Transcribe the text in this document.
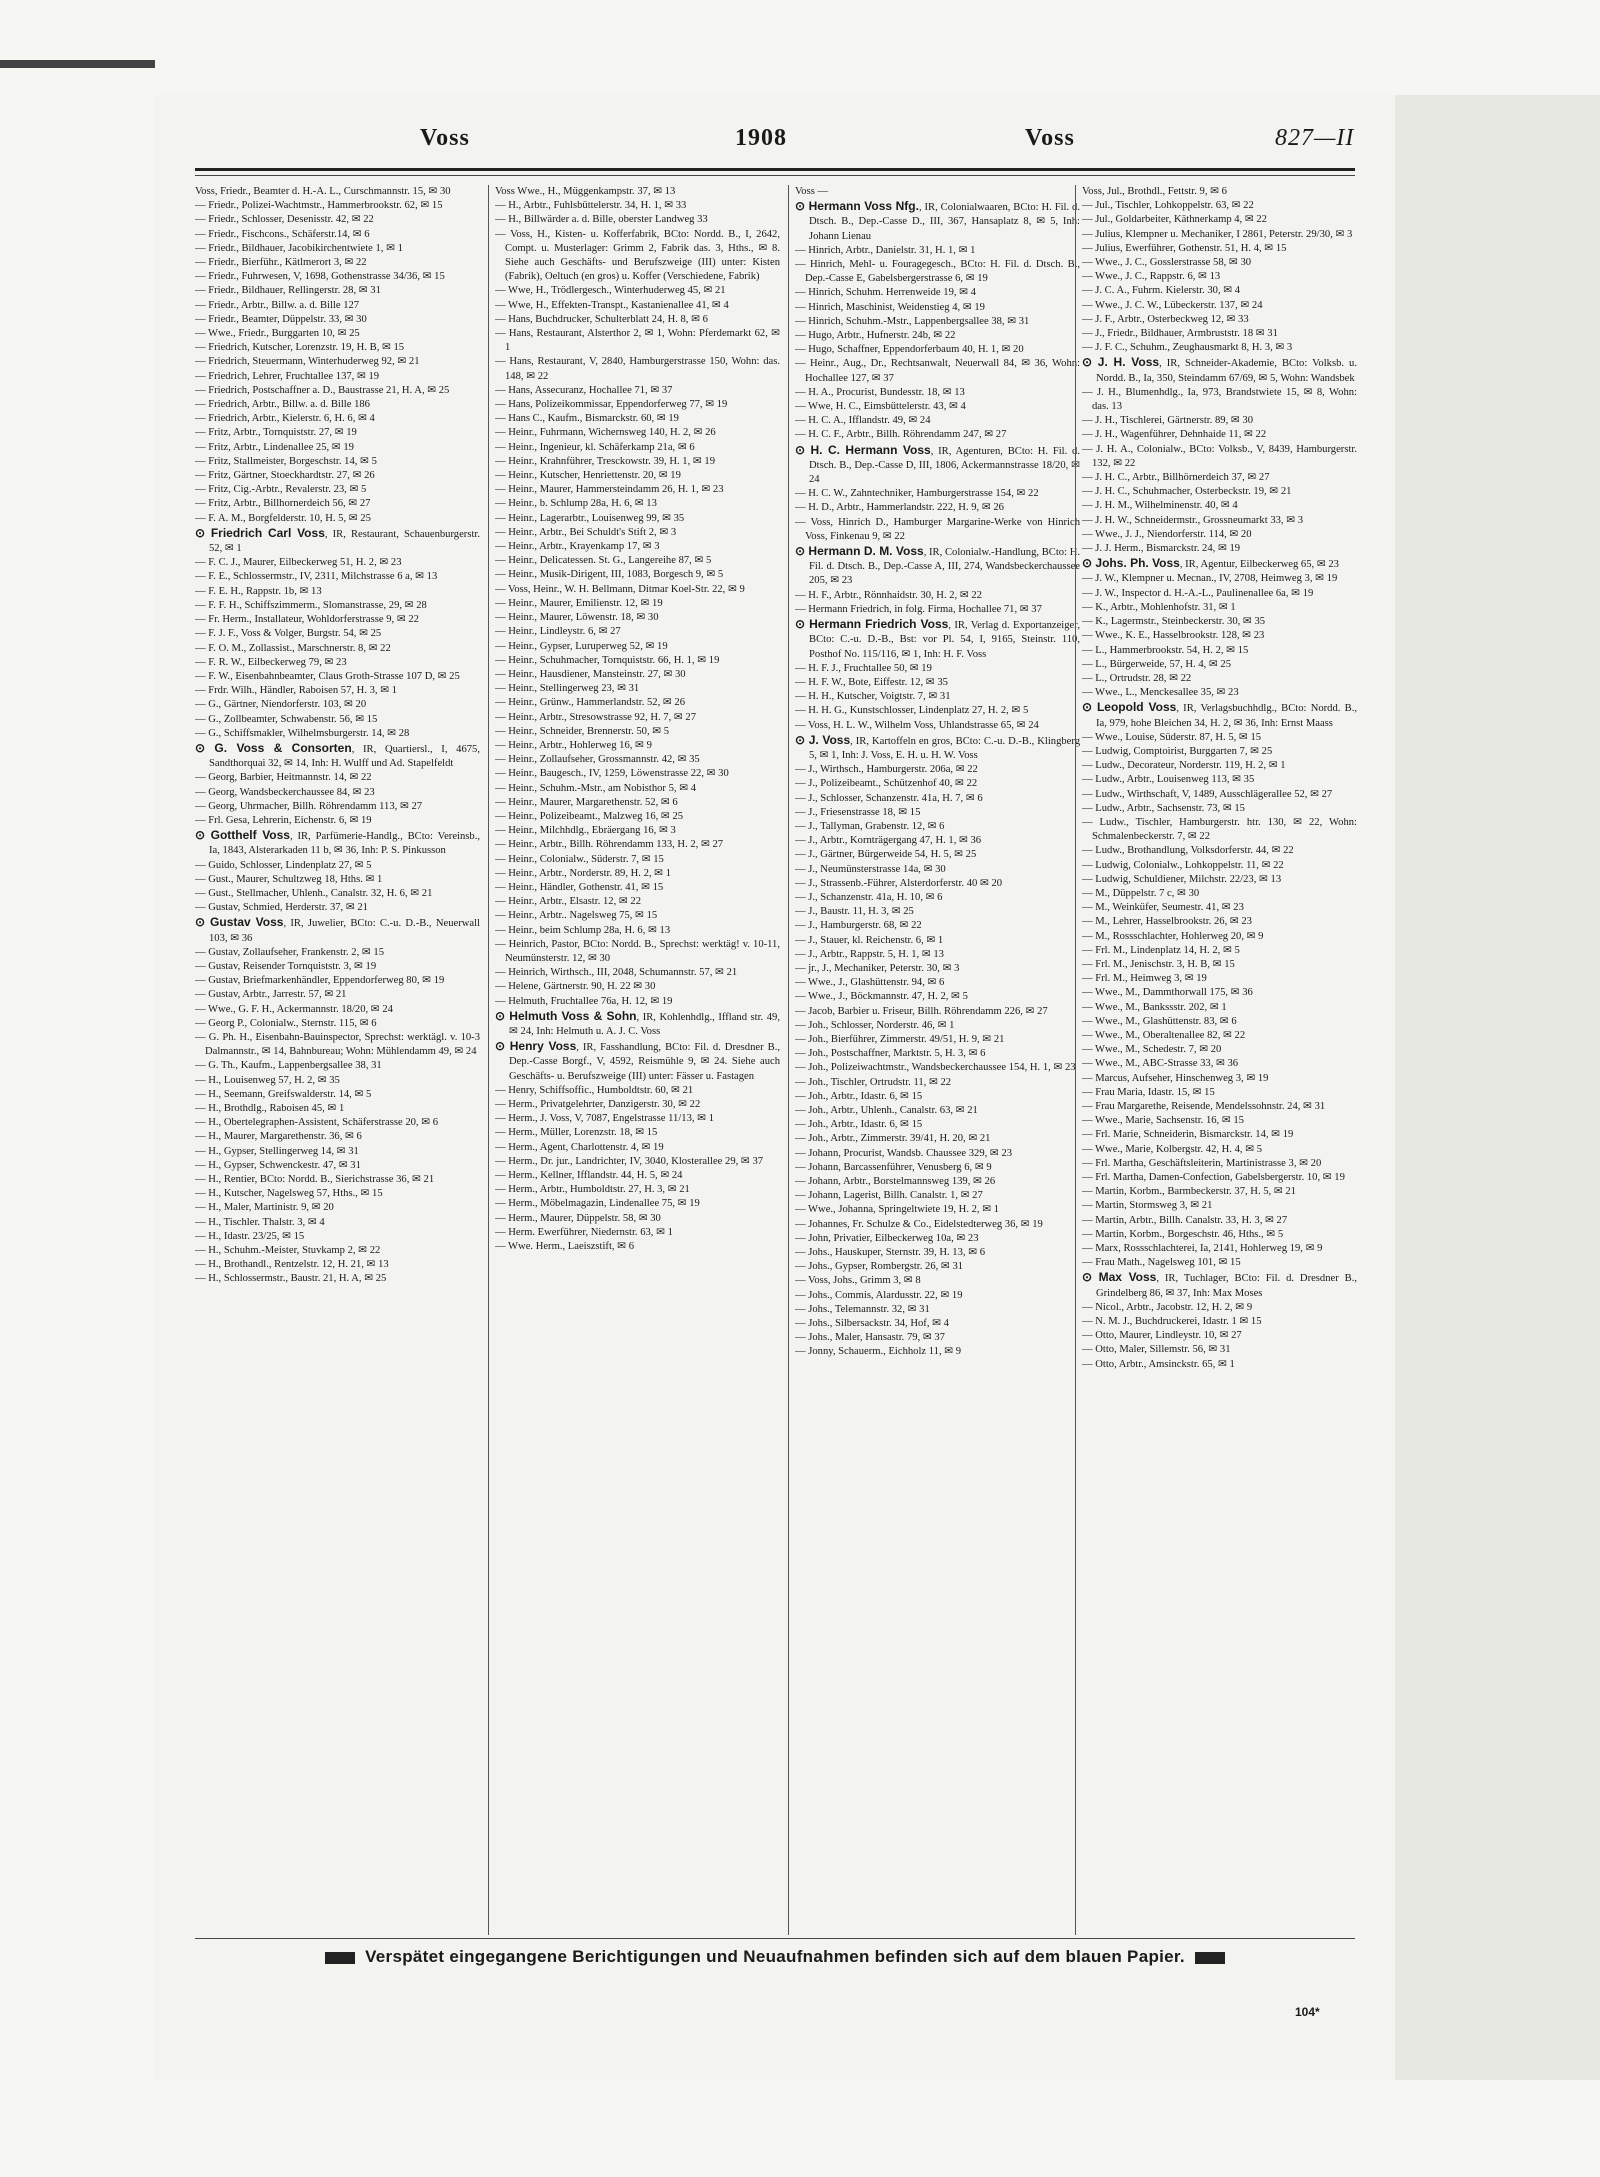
Voss	1908	Voss	827—II

Voss, Friedr., Beamter d. H.-A. L., Curschmannstr. 15, ✉ 30

— Friedr., Polizei-Wachtmstr., Hammerbrookstr. 62, ✉ 15

— Friedr., Schlosser, Desenisstr. 42, ✉ 22

— Friedr., Fischcons., Schäferstr.14, ✉ 6

— Friedr., Bildhauer, Jacobikirchentwiete 1, ✉ 1

— Friedr., Bierführ., Kätlmerort 3, ✉ 22

— Friedr., Fuhrwesen, V, 1698, Gothenstrasse 34/36, ✉ 15

— Friedr., Bildhauer, Rellingerstr. 28, ✉ 31

— Friedr., Arbtr., Billw. a. d. Bille 127

— Friedr., Beamter, Düppelstr. 33, ✉ 30

— Wwe., Friedr., Burggarten 10, ✉ 25

— Friedrich, Kutscher, Lorenzstr. 19, H. B, ✉ 15

— Friedrich, Steuermann, Winterhuderweg 92, ✉ 21

— Friedrich, Lehrer, Fruchtallee 137, ✉ 19

— Friedrich, Postschaffner a. D., Baustrasse 21, H. A, ✉ 25

— Friedrich, Arbtr., Billw. a. d. Bille 186

— Friedrich, Arbtr., Kielerstr. 6, H. 6, ✉ 4

— Fritz, Arbtr., Tornquiststr. 27, ✉ 19

— Fritz, Arbtr., Lindenallee 25, ✉ 19

— Fritz, Stallmeister, Borgeschstr. 14, ✉ 5

— Fritz, Gärtner, Stoeckhardtstr. 27, ✉ 26

— Fritz, Cig.-Arbtr., Revalerstr. 23, ✉ 5

— Fritz, Arbtr., Billhornerdeich 56, ✉ 27

— F. A. M., Borgfelderstr. 10, H. 5, ✉ 25

⊙ Friedrich Carl Voss, IR, Restaurant, Schauenburgerstr. 52, ✉ 1

— F. C. J., Maurer, Eilbeckerweg 51, H. 2, ✉ 23

— F. E., Schlossermstr., IV, 2311, Milchstrasse 6 a, ✉ 13

— F. E. H., Rappstr. 1b, ✉ 13

— F. F. H., Schiffszimmerm., Slomanstrasse, 29, ✉ 28

— Fr. Herm., Installateur, Wohldorferstrasse 9, ✉ 22

— F. J. F., Voss & Volger, Burgstr. 54, ✉ 25

— F. O. M., Zollassist., Marschnerstr. 8, ✉ 22

— F. R. W., Eilbeckerweg 79, ✉ 23

— F. W., Eisenbahnbeamter, Claus Groth-Strasse 107 D, ✉ 25

— Frdr. Wilh., Händler, Raboisen 57, H. 3, ✉ 1

— G., Gärtner, Niendorferstr. 103, ✉ 20

— G., Zollbeamter, Schwabenstr. 56, ✉ 15

— G., Schiffsmakler, Wilhelmsburgerstr. 14, ✉ 28

⊙ G. Voss & Consorten, IR, Quartiersl., I, 4675, Sandthorquai 32, ✉ 14, Inh: H. Wulff und Ad. Stapelfeldt

— Georg, Barbier, Heitmannstr. 14, ✉ 22

— Georg, Wandsbeckerchaussee 84, ✉ 23

— Georg, Uhrmacher, Billh. Röhrendamm 113, ✉ 27

— Frl. Gesa, Lehrerin, Eichenstr. 6, ✉ 19

⊙ Gotthelf Voss, IR, Parfümerie-Handlg., BCto: Vereinsb., Ia, 1843, Alsterarkaden 11 b, ✉ 36, Inh: P. S. Pinkusson

— Guido, Schlosser, Lindenplatz 27, ✉ 5

— Gust., Maurer, Schultzweg 18, Hths. ✉ 1

— Gust., Stellmacher, Uhlenh., Canalstr. 32, H. 6, ✉ 21

— Gustav, Schmied, Herderstr. 37, ✉ 21

⊙ Gustav Voss, IR, Juwelier, BCto: C.-u. D.-B., Neuerwall 103, ✉ 36

— Gustav, Zollaufseher, Frankenstr. 2, ✉ 15

— Gustav, Reisender Tornquiststr. 3, ✉ 19

— Gustav, Briefmarkenhändler, Eppendorferweg 80, ✉ 19

— Gustav, Arbtr., Jarrestr. 57, ✉ 21

— Wwe., G. F. H., Ackermannstr. 18/20, ✉ 24

— Georg P., Colonialw., Sternstr. 115, ✉ 6

— G. Ph. H., Eisenbahn-Bauinspector, Sprechst: werktägl. v. 10-3 Dalmannstr., ✉ 14, Bahnbureau; Wohn: Mühlendamm 49, ✉ 24

— G. Th., Kaufm., Lappenbergsallee 38, 31

— H., Louisenweg 57, H. 2, ✉ 35

— H., Seemann, Greifswalderstr. 14, ✉ 5

— H., Brothdlg., Raboisen 45, ✉ 1

— H., Obertelegraphen-Assistent, Schäferstrasse 20, ✉ 6

— H., Maurer, Margarethenstr. 36, ✉ 6

— H., Gypser, Stellingerweg 14, ✉ 31

— H., Gypser, Schwenckestr. 47, ✉ 31

— H., Rentier, BCto: Nordd. B., Sierichstrasse 36, ✉ 21

— H., Kutscher, Nagelsweg 57, Hths., ✉ 15

— H., Maler, Martinistr. 9, ✉ 20

— H., Tischler. Thalstr. 3, ✉ 4

— H., Idastr. 23/25, ✉ 15

— H., Schuhm.-Meister, Stuvkamp 2, ✉ 22

— H., Brothandl., Rentzelstr. 12, H. 21, ✉ 13

— H., Schlossermstr., Baustr. 21, H. A, ✉ 25

Voss Wwe., H., Müggenkampstr. 37, ✉ 13

— H., Arbtr., Fuhlsbüttelerstr. 34, H. 1, ✉ 33

— H., Billwärder a. d. Bille, oberster Landweg 33

— Voss, H., Kisten- u. Kofferfabrik, BCto: Nordd. B., I, 2642, Compt. u. Musterlager: Grimm 2, Fabrik das. 3, Hths., ✉ 8. Siehe auch Geschäfts- und Berufszweige (III) unter: Kisten (Fabrik), Oeltuch (en gros) u. Koffer (Verschiedene, Fabrik)

— Wwe, H., Trödlergesch., Winterhuderweg 45, ✉ 21

— Wwe, H., Effekten-Transpt., Kastanienallee 41, ✉ 4

— Hans, Buchdrucker, Schulterblatt 24, H. 8, ✉ 6

— Hans, Restaurant, Alsterthor 2, ✉ 1, Wohn: Pferdemarkt 62, ✉ 1

— Hans, Restaurant, V, 2840, Hamburgerstrasse 150, Wohn: das. 148, ✉ 22

— Hans, Assecuranz, Hochallee 71, ✉ 37

— Hans, Polizeikommissar, Eppendorferweg 77, ✉ 19

— Hans C., Kaufm., Bismarckstr. 60, ✉ 19

— Heinr., Fuhrmann, Wichernsweg 140, H. 2, ✉ 26

— Heinr., Ingenieur, kl. Schäferkamp 21a, ✉ 6

— Heinr., Krahnführer, Tresckowstr. 39, H. 1, ✉ 19

— Heinr., Kutscher, Henriettenstr. 20, ✉ 19

— Heinr., Maurer, Hammersteindamm 26, H. 1, ✉ 23

— Heinr., b. Schlump 28a, H. 6, ✉ 13

— Heinr., Lagerarbtr., Louisenweg 99, ✉ 35

— Heinr., Arbtr., Bei Schuldt's Stift 2, ✉ 3

— Heinr., Arbtr., Krayenkamp 17, ✉ 3

— Heinr., Delicatessen. St. G., Langereihe 87, ✉ 5

— Heinr., Musik-Dirigent, III, 1083, Borgesch 9, ✉ 5

— Voss, Heinr., W. H. Bellmann, Ditmar Koel-Str. 22, ✉ 9

— Heinr., Maurer, Emilienstr. 12, ✉ 19

— Heinr., Maurer, Löwenstr. 18, ✉ 30

— Heinr., Lindleystr. 6, ✉ 27

— Heinr., Gypser, Luruperweg 52, ✉ 19

— Heinr., Schuhmacher, Tornquiststr. 66, H. 1, ✉ 19

— Heinr., Hausdiener, Mansteinstr. 27, ✉ 30

— Heinr., Stellingerweg 23, ✉ 31

— Heinr., Grünw., Hammerlandstr. 52, ✉ 26

— Heinr., Arbtr., Stresowstrasse 92, H. 7, ✉ 27

— Heinr., Schneider, Brennerstr. 50, ✉ 5

— Heinr., Arbtr., Hohlerweg 16, ✉ 9

— Heinr., Zollaufseher, Grossmannstr. 42, ✉ 35

— Heinr., Baugesch., IV, 1259, Löwenstrasse 22, ✉ 30

— Heinr., Schuhm.-Mstr., am Nobisthor 5, ✉ 4

— Heinr., Maurer, Margarethenstr. 52, ✉ 6

— Heinr., Polizeibeamt., Malzweg 16, ✉ 25

— Heinr., Milchhdlg., Ebräergang 16, ✉ 3

— Heinr., Arbtr., Billh. Röhrendamm 133, H. 2, ✉ 27

— Heinr., Colonialw., Süderstr. 7, ✉ 15

— Heinr., Arbtr., Norderstr. 89, H. 2, ✉ 1

— Heinr., Händler, Gothenstr. 41, ✉ 15

— Heinr., Arbtr., Elsastr. 12, ✉ 22

— Heinr., Arbtr.. Nagelsweg 75, ✉ 15

— Heinr., beim Schlump 28a, H. 6, ✉ 13

— Heinrich, Pastor, BCto: Nordd. B., Sprechst: werktäg! v. 10-11, Neumünsterstr. 12, ✉ 30

— Heinrich, Wirthsch., III, 2048, Schumannstr. 57, ✉ 21

— Helene, Gärtnerstr. 90, H. 22 ✉ 30

— Helmuth, Fruchtallee 76a, H. 12, ✉ 19

⊙ Helmuth Voss & Sohn, IR, Kohlenhdlg., Iffland str. 49, ✉ 24, Inh: Helmuth u. A. J. C. Voss

⊙ Henry Voss, IR, Fasshandlung, BCto: Fil. d. Dresdner B., Dep.-Casse Borgf., V, 4592, Reismühle 9, ✉ 24. Siehe auch Geschäfts- u. Berufszweige (III) unter: Fässer u. Fastagen

— Henry, Schiffsoffic., Humboldtstr. 60, ✉ 21

— Herm., Privatgelehrter, Danzigerstr. 30, ✉ 22

— Herm., J. Voss, V, 7087, Engelstrasse 11/13, ✉ 1

— Herm., Müller, Lorenzstr. 18, ✉ 15

— Herm., Agent, Charlottenstr. 4, ✉ 19

— Herm., Dr. jur., Landrichter, IV, 3040, Klosterallee 29, ✉ 37

— Herm., Kellner, Ifflandstr. 44, H. 5, ✉ 24

— Herm., Arbtr., Humboldtstr. 27, H. 3, ✉ 21

— Herm., Möbelmagazin, Lindenallee 75, ✉ 19

— Herm., Maurer, Düppelstr. 58, ✉ 30

— Herm. Ewerführer, Niedernstr. 63, ✉ 1

— Wwe. Herm., Laeiszstift, ✉ 6

Voss —

⊙ Hermann Voss Nfg., IR, Colonialwaaren, BCto: H. Fil. d. Dtsch. B., Dep.-Casse D., III, 367, Hansaplatz 8, ✉ 5, Inh: Johann Lienau

— Hinrich, Arbtr., Danielstr. 31, H. 1, ✉ 1

— Hinrich, Mehl- u. Fouragegesch., BCto: H. Fil. d. Dtsch. B., Dep.-Casse E, Gabelsbergerstrasse 6, ✉ 19

— Hinrich, Schuhm. Herrenweide 19, ✉ 4

— Hinrich, Maschinist, Weidenstieg 4, ✉ 19

— Hinrich, Schuhm.-Mstr., Lappenbergsallee 38, ✉ 31

— Hugo, Arbtr., Hufnerstr. 24b, ✉ 22

— Hugo, Schaffner, Eppendorferbaum 40, H. 1, ✉ 20

— Heinr., Aug., Dr., Rechtsanwalt, Neuerwall 84, ✉ 36, Wohn: Hochallee 127, ✉ 37

— H. A., Procurist, Bundesstr. 18, ✉ 13

— Wwe, H. C., Eimsbüttelerstr. 43, ✉ 4

— H. C. A., Ifflandstr. 49, ✉ 24

— H. C. F., Arbtr., Billh. Röhrendamm 247, ✉ 27

⊙ H. C. Hermann Voss, IR, Agenturen, BCto: H. Fil. d. Dtsch. B., Dep.-Casse D, III, 1806, Ackermannstrasse 18/20, ✉ 24

— H. C. W., Zahntechniker, Hamburgerstrasse 154, ✉ 22

— H. D., Arbtr., Hammerlandstr. 222, H. 9, ✉ 26

— Voss, Hinrich D., Hamburger Margarine-Werke von Hinrich Voss, Finkenau 9, ✉ 22

⊙ Hermann D. M. Voss, IR, Colonialw.-Handlung, BCto: H. Fil. d. Dtsch. B., Dep.-Casse A, III, 274, Wandsbeckerchaussee 205, ✉ 23

— H. F., Arbtr., Rönnhaidstr. 30, H. 2, ✉ 22

— Hermann Friedrich, in folg. Firma, Hochallee 71, ✉ 37

⊙ Hermann Friedrich Voss, IR, Verlag d. Exportanzeiger, BCto: C.-u. D.-B., Bst: vor Pl. 54, I, 9165, Steinstr. 110, Posthof No. 115/116, ✉ 1, Inh: H. F. Voss

— H. F. J., Fruchtallee 50, ✉ 19

— H. F. W., Bote, Eiffestr. 12, ✉ 35

— H. H., Kutscher, Voigtstr. 7, ✉ 31

— H. H. G., Kunstschlosser, Lindenplatz 27, H. 2, ✉ 5

— Voss, H. L. W., Wilhelm Voss, Uhlandstrasse 65, ✉ 24

⊙ J. Voss, IR, Kartoffeln en gros, BCto: C.-u. D.-B., Klingberg 5, ✉ 1, Inh: J. Voss, E. H. u. H. W. Voss

— J., Wirthsch., Hamburgerstr. 206a, ✉ 22

— J., Polizeibeamt., Schützenhof 40, ✉ 22

— J., Schlosser, Schanzenstr. 41a, H. 7, ✉ 6

— J., Friesenstrasse 18, ✉ 15

— J., Tallyman, Grabenstr. 12, ✉ 6

— J., Arbtr., Kornträgergang 47, H. 1, ✉ 36

— J., Gärtner, Bürgerweide 54, H. 5, ✉ 25

— J., Neumünsterstrasse 14a, ✉ 30

— J., Strassenb.-Führer, Alsterdorferstr. 40 ✉ 20

— J., Schanzenstr. 41a, H. 10, ✉ 6

— J., Baustr. 11, H. 3, ✉ 25

— J., Hamburgerstr. 68, ✉ 22

— J., Stauer, kl. Reichenstr. 6, ✉ 1

— J., Arbtr., Rappstr. 5, H. 1, ✉ 13

— jr., J., Mechaniker, Peterstr. 30, ✉ 3

— Wwe., J., Glashüttenstr. 94, ✉ 6

— Wwe., J., Böckmannstr. 47, H. 2, ✉ 5

— Jacob, Barbier u. Friseur, Billh. Röhrendamm 226, ✉ 27

— Joh., Schlosser, Norderstr. 46, ✉ 1

— Joh., Bierführer, Zimmerstr. 49/51, H. 9, ✉ 21

— Joh., Postschaffner, Marktstr. 5, H. 3, ✉ 6

— Joh., Polizeiwachtmstr., Wandsbeckerchaussee 154, H. 1, ✉ 23

— Joh., Tischler, Ortrudstr. 11, ✉ 22

— Joh., Arbtr., Idastr. 6, ✉ 15

— Joh., Arbtr., Uhlenh., Canalstr. 63, ✉ 21

— Joh., Arbtr., Idastr. 6, ✉ 15

— Joh., Arbtr., Zimmerstr. 39/41, H. 20, ✉ 21

— Johann, Procurist, Wandsb. Chaussee 329, ✉ 23

— Johann, Barcassenführer, Venusberg 6, ✉ 9

— Johann, Arbtr., Borstelmannsweg 139, ✉ 26

— Johann, Lagerist, Billh. Canalstr. 1, ✉ 27

— Wwe., Johanna, Springeltwiete 19, H. 2, ✉ 1

— Johannes, Fr. Schulze & Co., Eidelstedterweg 36, ✉ 19

— John, Privatier, Eilbeckerweg 10a, ✉ 23

— Johs., Hauskuper, Sternstr. 39, H. 13, ✉ 6

— Johs., Gypser, Rombergstr. 26, ✉ 31

— Voss, Johs., Grimm 3, ✉ 8

— Johs., Commis, Alardusstr. 22, ✉ 19

— Johs., Telemannstr. 32, ✉ 31

— Johs., Silbersackstr. 34, Hof, ✉ 4

— Johs., Maler, Hansastr. 79, ✉ 37

— Jonny, Schauerm., Eichholz 11, ✉ 9

Voss, Jul., Brothdl., Fettstr. 9, ✉ 6

— Jul., Tischler, Lohkoppelstr. 63, ✉ 22

— Jul., Goldarbeiter, Käthnerkamp 4, ✉ 22

— Julius, Klempner u. Mechaniker, I 2861, Peterstr. 29/30, ✉ 3

— Julius, Ewerführer, Gothenstr. 51, H. 4, ✉ 15

— Wwe., J. C., Gosslerstrasse 58, ✉ 30

— Wwe., J. C., Rappstr. 6, ✉ 13

— J. C. A., Fuhrm. Kielerstr. 30, ✉ 4

— Wwe., J. C. W., Lübeckerstr. 137, ✉ 24

— J. F., Arbtr., Osterbeckweg 12, ✉ 33

— J., Friedr., Bildhauer, Armbruststr. 18 ✉ 31

— J. F. C., Schuhm., Zeughausmarkt 8, H. 3, ✉ 3

⊙ J. H. Voss, IR, Schneider-Akademie, BCto: Volksb. u. Nordd. B., Ia, 350, Steindamm 67/69, ✉ 5, Wohn: Wandsbek

— J. H., Blumenhdlg., Ia, 973, Brandstwiete 15, ✉ 8, Wohn: das. 13

— J. H., Tischlerei, Gärtnerstr. 89, ✉ 30

— J. H., Wagenführer, Dehnhaide 11, ✉ 22

— J. H. A., Colonialw., BCto: Volksb., V, 8439, Hamburgerstr. 132, ✉ 22

— J. H. C., Arbtr., Billhörnerdeich 37, ✉ 27

— J. H. C., Schuhmacher, Osterbeckstr. 19, ✉ 21

— J. H. M., Wilhelminenstr. 40, ✉ 4

— J. H. W., Schneidermstr., Grossneumarkt 33, ✉ 3

— Wwe., J. J., Niendorferstr. 114, ✉ 20

— J. J. Herm., Bismarckstr. 24, ✉ 19

⊙ Johs. Ph. Voss, IR, Agentur, Eilbeckerweg 65, ✉ 23

— J. W., Klempner u. Mecnan., IV, 2708, Heimweg 3, ✉ 19

— J. W., Inspector d. H.-A.-L., Paulinenallee 6a, ✉ 19

— K., Arbtr., Mohlenhofstr. 31, ✉ 1

— K., Lagermstr., Steinbeckerstr. 30, ✉ 35

— Wwe., K. E., Hasselbrookstr. 128, ✉ 23

— L., Hammerbrookstr. 54, H. 2, ✉ 15

— L., Bürgerweide, 57, H. 4, ✉ 25

— L., Ortrudstr. 28, ✉ 22

— Wwe., L., Menckesallee 35, ✉ 23

⊙ Leopold Voss, IR, Verlagsbuchhdlg., BCto: Nordd. B., Ia, 979, hohe Bleichen 34, H. 2, ✉ 36, Inh: Ernst Maass

— Wwe., Louise, Süderstr. 87, H. 5, ✉ 15

— Ludwig, Comptoirist, Burggarten 7, ✉ 25

— Ludw., Decorateur, Norderstr. 119, H. 2, ✉ 1

— Ludw., Arbtr., Louisenweg 113, ✉ 35

— Ludw., Wirthschaft, V, 1489, Ausschlägerallee 52, ✉ 27

— Ludw., Arbtr., Sachsenstr. 73, ✉ 15

— Ludw., Tischler, Hamburgerstr. htr. 130, ✉ 22, Wohn: Schmalenbeckerstr. 7, ✉ 22

— Ludw., Brothandlung, Volksdorferstr. 44, ✉ 22

— Ludwig, Colonialw., Lohkoppelstr. 11, ✉ 22

— Ludwig, Schuldiener, Milchstr. 22/23, ✉ 13

— M., Düppelstr. 7 c, ✉ 30

— M., Weinküfer, Seumestr. 41, ✉ 23

— M., Lehrer, Hasselbrookstr. 26, ✉ 23

— M., Rossschlachter, Hohlerweg 20, ✉ 9

— Frl. M., Lindenplatz 14, H. 2, ✉ 5

— Frl. M., Jenischstr. 3, H. B, ✉ 15

— Frl. M., Heimweg 3, ✉ 19

— Wwe., M., Dammthorwall 175, ✉ 36

— Wwe., M., Bankssstr. 202, ✉ 1

— Wwe., M., Glashüttenstr. 83, ✉ 6

— Wwe., M., Oberaltenallee 82, ✉ 22

— Wwe., M., Schedestr. 7, ✉ 20

— Wwe., M., ABC-Strasse 33, ✉ 36

— Marcus, Aufseher, Hinschenweg 3, ✉ 19

— Frau Maria, Idastr. 15, ✉ 15

— Frau Margarethe, Reisende, Mendelssohnstr. 24, ✉ 31

— Wwe., Marie, Sachsenstr. 16, ✉ 15

— Frl. Marie, Schneiderin, Bismarckstr. 14, ✉ 19

— Wwe., Marie, Kolbergstr. 42, H. 4, ✉ 5

— Frl. Martha, Geschäftsleiterin, Martinistrasse 3, ✉ 20

— Frl. Martha, Damen-Confection, Gabelsbergerstr. 10, ✉ 19

— Martin, Korbm., Barmbeckerstr. 37, H. 5, ✉ 21

— Martin, Stormsweg 3, ✉ 21

— Martin, Arbtr., Billh. Canalstr. 33, H. 3, ✉ 27

— Martin, Korbm., Borgeschstr. 46, Hths., ✉ 5

— Marx, Rossschlachterei, Ia, 2141, Hohlerweg 19, ✉ 9

— Frau Math., Nagelsweg 101, ✉ 15

⊙ Max Voss, IR, Tuchlager, BCto: Fil. d. Dresdner B., Grindelberg 86, ✉ 37, Inh: Max Moses

— Nicol., Arbtr., Jacobstr. 12, H. 2, ✉ 9

— N. M. J., Buchdruckerei, Idastr. 1 ✉ 15

— Otto, Maurer, Lindleystr. 10, ✉ 27

— Otto, Maler, Sillemstr. 56, ✉ 31

— Otto, Arbtr., Amsinckstr. 65, ✉ 1

Verspätet eingegangene Berichtigungen und Neuaufnahmen befinden sich auf dem blauen Papier.
104*
